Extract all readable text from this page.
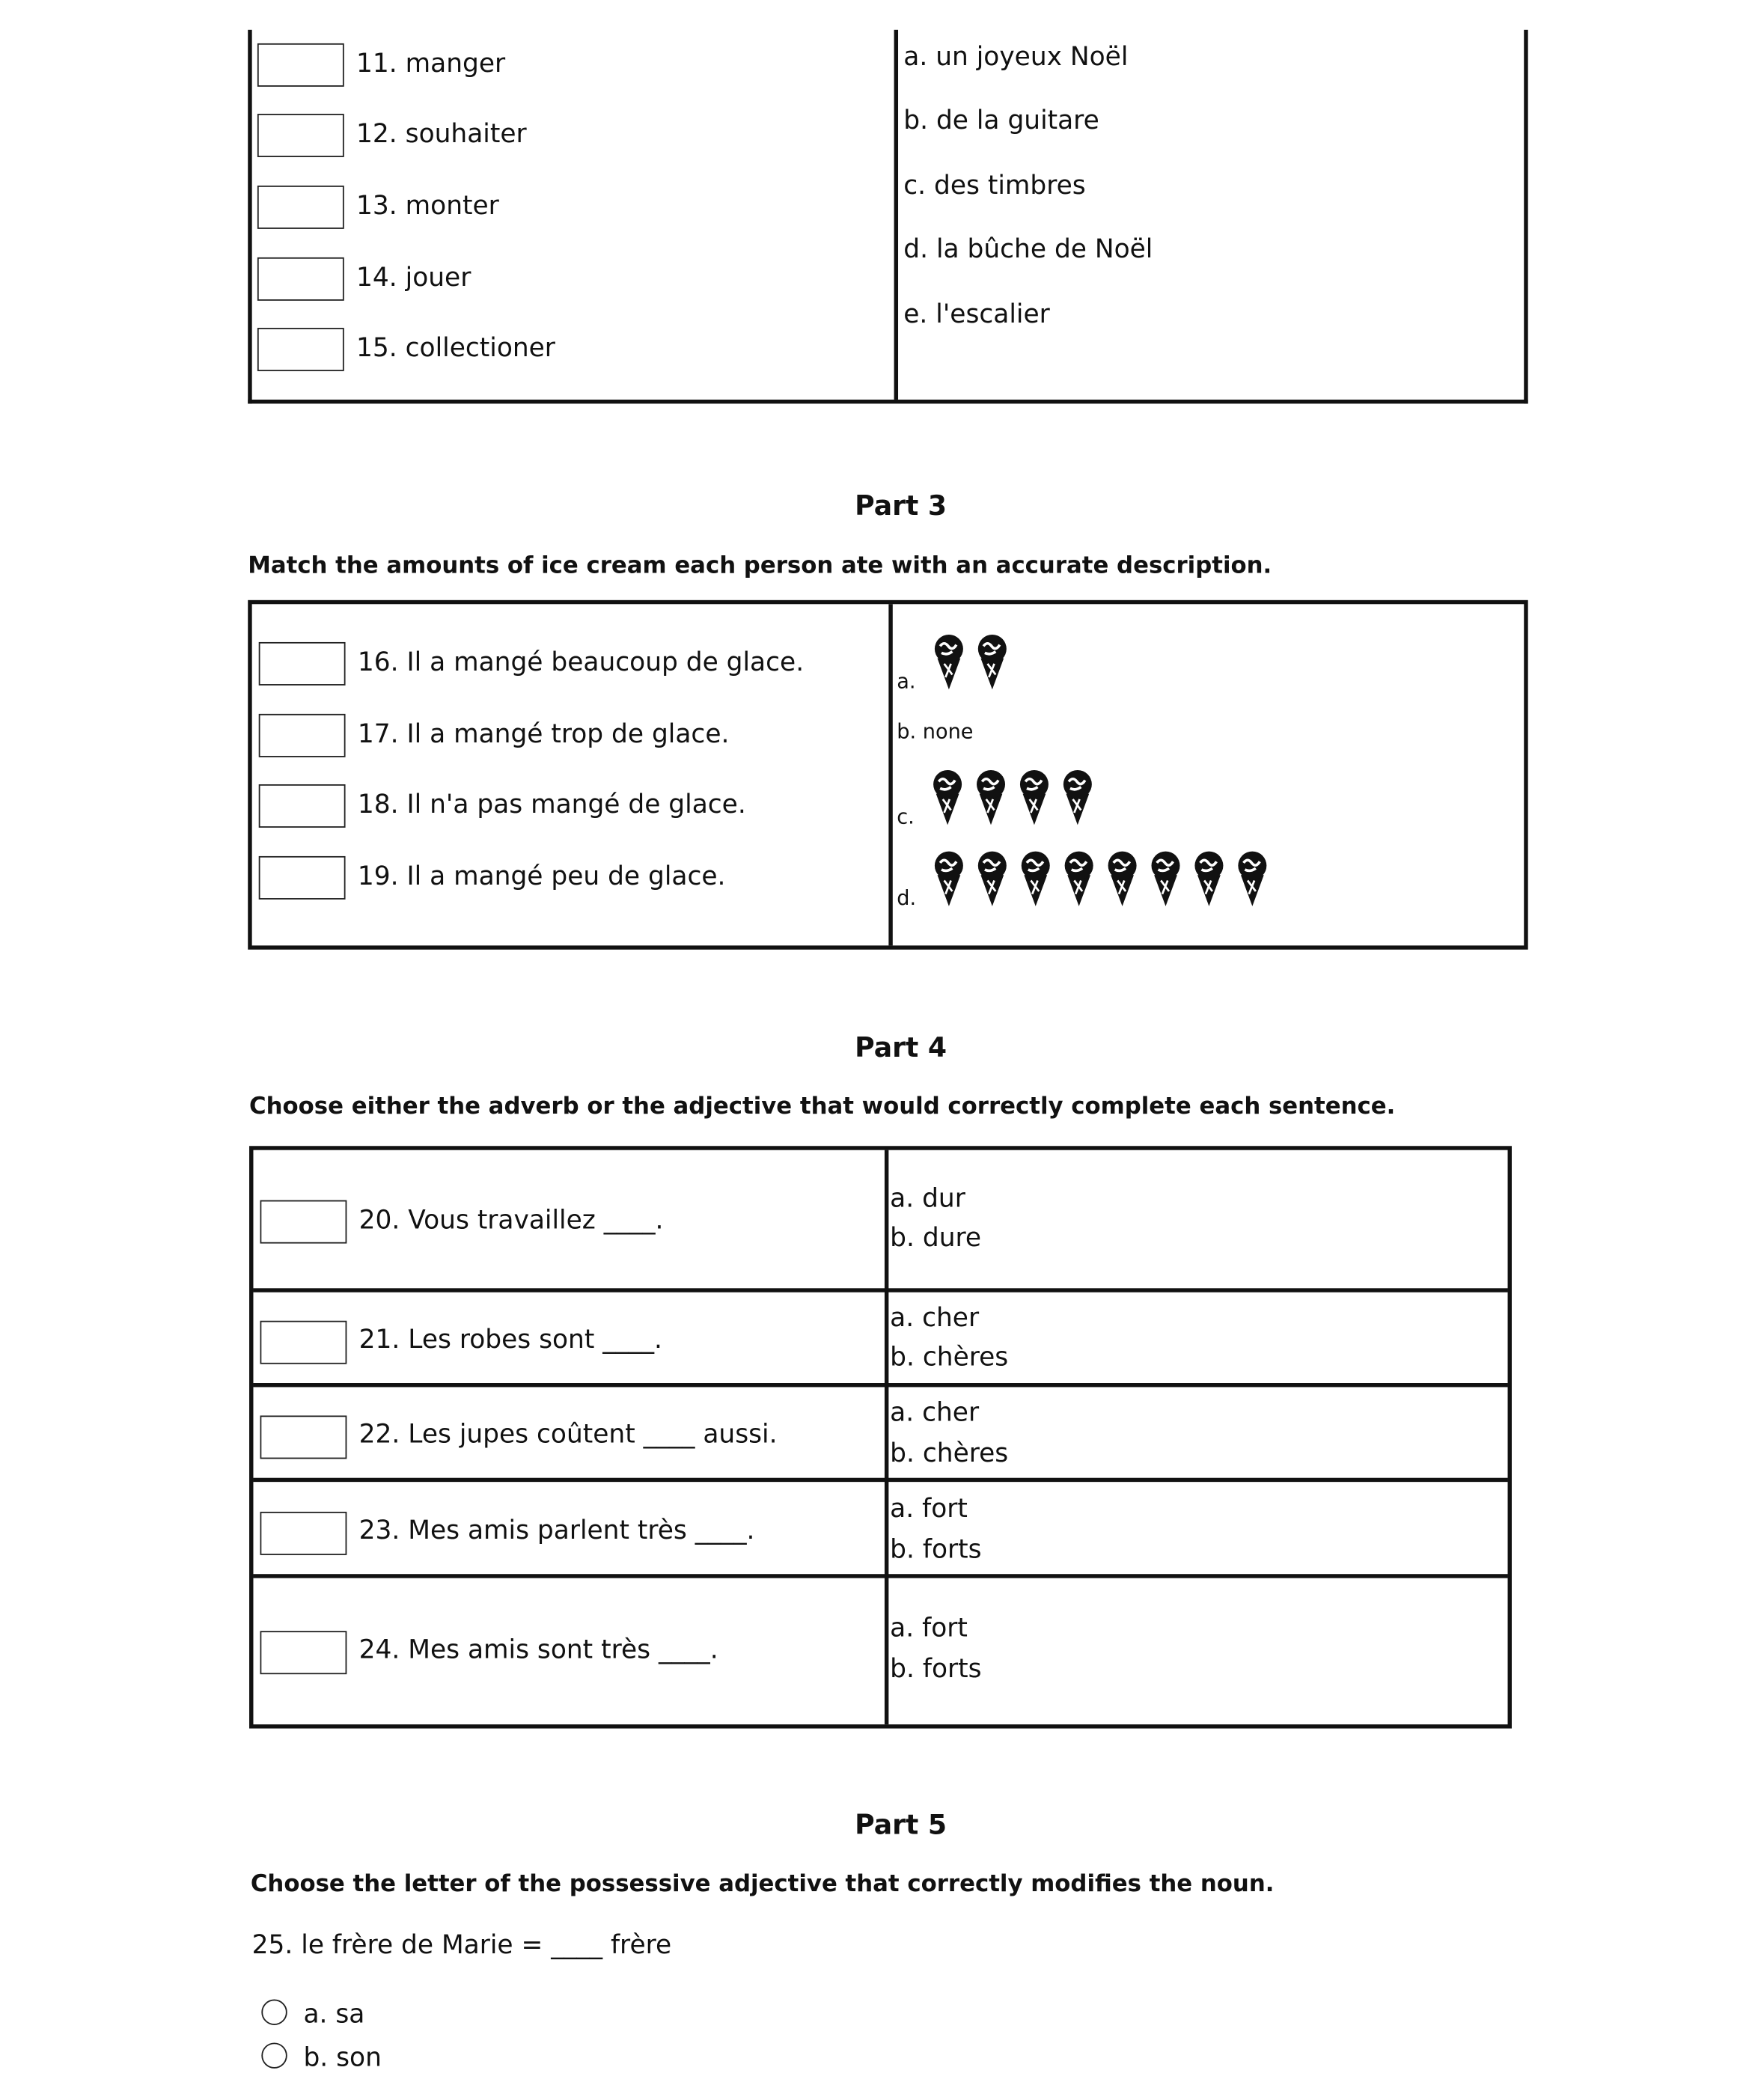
11. manger
12. souhaiter
13. monter
14. jouer
15. collectioner
a. un joyeux Noël
b. de la guitare
c. des timbres
d. la bûche de Noël
e. l'escalier
Part 3
Match the amounts of ice cream each person ate with an accurate description.
16. Il a mangé beaucoup de glace.
17. Il a mangé trop de glace.
18. Il n'a pas mangé de glace.
19. Il a mangé peu de glace.
a.
b. none
c.
d.
Part 4
Choose either the adverb or the adjective that would correctly complete each sentence.
20. Vous travaillez ____.
a. dur
b. dure
21. Les robes sont ____.
a. cher
b. chères
22. Les jupes coûtent ____ aussi.
a. cher
b. chères
23. Mes amis parlent très ____.
a. fort
b. forts
24. Mes amis sont très ____.
a. fort
b. forts
Part 5
Choose the letter of the possessive adjective that correctly modifies the noun.
25. le frère de Marie = ____ frère
a. sa
b. son
